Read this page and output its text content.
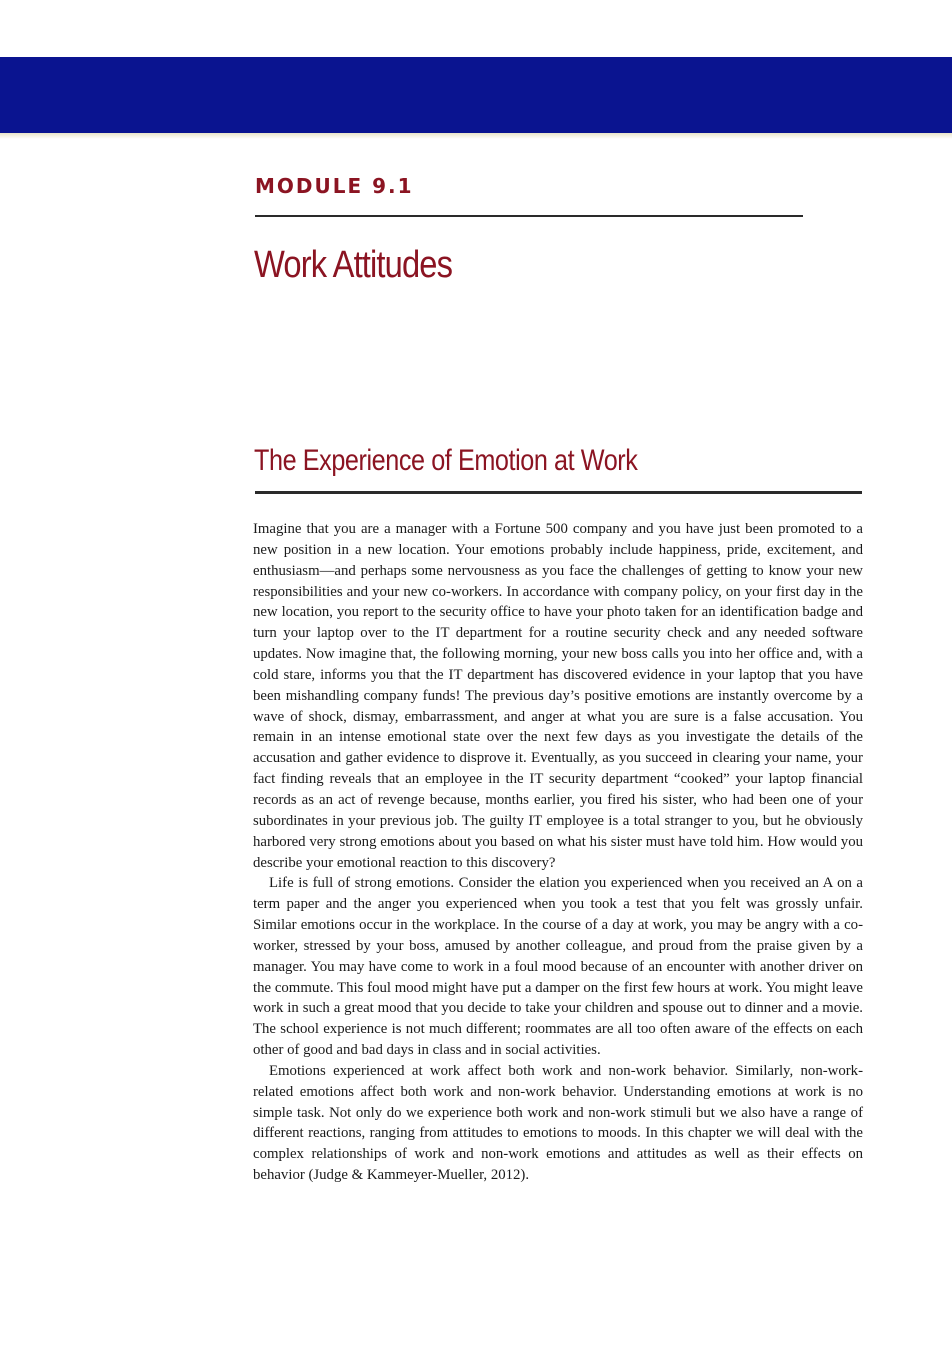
MODULE 9.1
Work Attitudes
The Experience of Emotion at Work

Imagine that you are a manager with a Fortune 500 company and you have just been promoted to a new position in a new location. Your emotions probably include happiness, pride, excitement, and enthusiasm—and perhaps some nervousness as you face the challenges of getting to know your new responsibilities and your new co-workers. In accordance with company policy, on your first day in the new location, you report to the security office to have your photo taken for an identification badge and turn your laptop over to the IT department for a routine security check and any needed software updates. Now imagine that, the following morning, your new boss calls you into her office and, with a cold stare, informs you that the IT department has discovered evidence in your laptop that you have been mishandling company funds! The previous day’s positive emotions are instantly overcome by a wave of shock, dismay, embarrassment, and anger at what you are sure is a false accusation. You remain in an intense emotional state over the next few days as you investigate the details of the accusation and gather evidence to disprove it. Eventually, as you succeed in clearing your name, your fact finding reveals that an employee in the IT security department “cooked” your laptop financial records as an act of revenge because, months earlier, you fired his sister, who had been one of your subordinates in your previous job. The guilty IT employee is a total stranger to you, but he obviously harbored very strong emotions about you based on what his sister must have told him. How would you describe your emotional reaction to this discovery?

Life is full of strong emotions. Consider the elation you experienced when you received an A on a term paper and the anger you experienced when you took a test that you felt was grossly unfair. Similar emotions occur in the workplace. In the course of a day at work, you may be angry with a co-worker, stressed by your boss, amused by another colleague, and proud from the praise given by a manager. You may have come to work in a foul mood because of an encounter with another driver on the commute. This foul mood might have put a damper on the first few hours at work. You might leave work in such a great mood that you decide to take your children and spouse out to dinner and a movie. The school experience is not much different; roommates are all too often aware of the effects on each other of good and bad days in class and in social activities.

Emotions experienced at work affect both work and non-work behavior. Similarly, non-work-related emotions affect both work and non-work behavior. Understanding emotions at work is no simple task. Not only do we experience both work and non-work stimuli but we also have a range of different reactions, ranging from attitudes to emotions to moods. In this chapter we will deal with the complex relationships of work and non-work emotions and attitudes as well as their effects on behavior (Judge & Kammeyer-Mueller, 2012).
